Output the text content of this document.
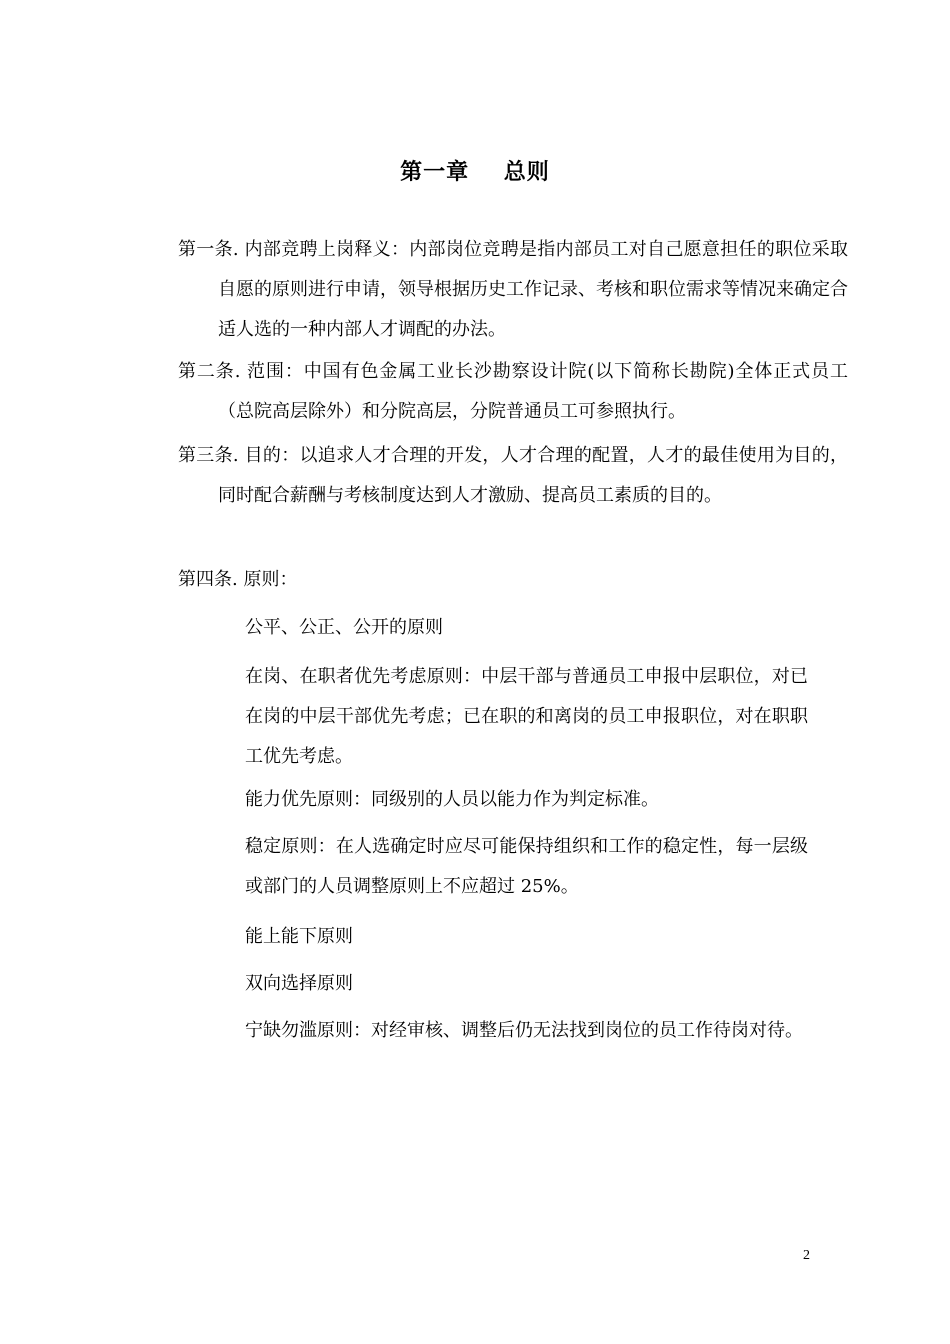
第一章    总则
第一条. 内部竞聘上岗释义：内部岗位竞聘是指内部员工对自己愿意担任的职位采取自愿的原则进行申请，领导根据历史工作记录、考核和职位需求等情况来确定合适人选的一种内部人才调配的办法。
第二条. 范围：中国有色金属工业长沙勘察设计院(以下简称长勘院)全体正式员工（总院高层除外）和分院高层，分院普通员工可参照执行。
第三条. 目的：以追求人才合理的开发，人才合理的配置，人才的最佳使用为目的，同时配合薪酬与考核制度达到人才激励、提高员工素质的目的。
第四条. 原则：
公平、公正、公开的原则
在岗、在职者优先考虑原则：中层干部与普通员工申报中层职位，对已在岗的中层干部优先考虑；已在职的和离岗的员工申报职位，对在职职工优先考虑。
能力优先原则：同级别的人员以能力作为判定标准。
稳定原则：在人选确定时应尽可能保持组织和工作的稳定性，每一层级或部门的人员调整原则上不应超过 25%。
能上能下原则
双向选择原则
宁缺勿滥原则：对经审核、调整后仍无法找到岗位的员工作待岗对待。
2
